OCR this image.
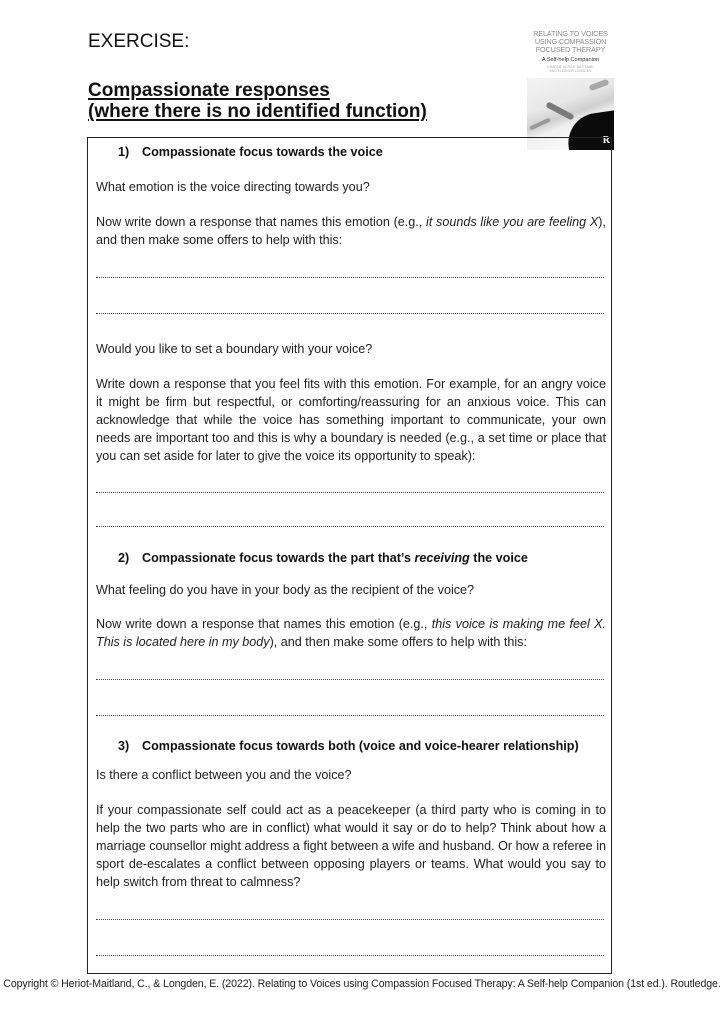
EXERCISE:
Compassionate responses
(where there is no identified function)
RELATING TO VOICES
USING COMPASSION
FOCUSED THERAPY
A Self-help Companion
CHARLIE HERIOT-MAITLAND
AND ELEANOR LONGDEN
R
1) Compassionate focus towards the voice
What emotion is the voice directing towards you?
Now write down a response that names this emotion (e.g., it sounds like you are feeling X), and then make some offers to help with this:
Would you like to set a boundary with your voice?
Write down a response that you feel fits with this emotion. For example, for an angry voice it might be firm but respectful, or comforting/reassuring for an anxious voice. This can acknowledge that while the voice has something important to communicate, your own needs are important too and this is why a boundary is needed (e.g., a set time or place that you can set aside for later to give the voice its opportunity to speak):
2) Compassionate focus towards the part that’s receiving the voice
What feeling do you have in your body as the recipient of the voice?
Now write down a response that names this emotion (e.g., this voice is making me feel X. This is located here in my body), and then make some offers to help with this:
3) Compassionate focus towards both (voice and voice-hearer relationship)
Is there a conflict between you and the voice?
If your compassionate self could act as a peacekeeper (a third party who is coming in to help the two parts who are in conflict) what would it say or do to help? Think about how a marriage counsellor might address a fight between a wife and husband. Or how a referee in sport de-escalates a conflict between opposing players or teams. What would you say to help switch from threat to calmness?
Copyright © Heriot-Maitland, C., & Longden, E. (2022). Relating to Voices using Compassion Focused Therapy: A Self-help Companion (1st ed.). Routledge.
